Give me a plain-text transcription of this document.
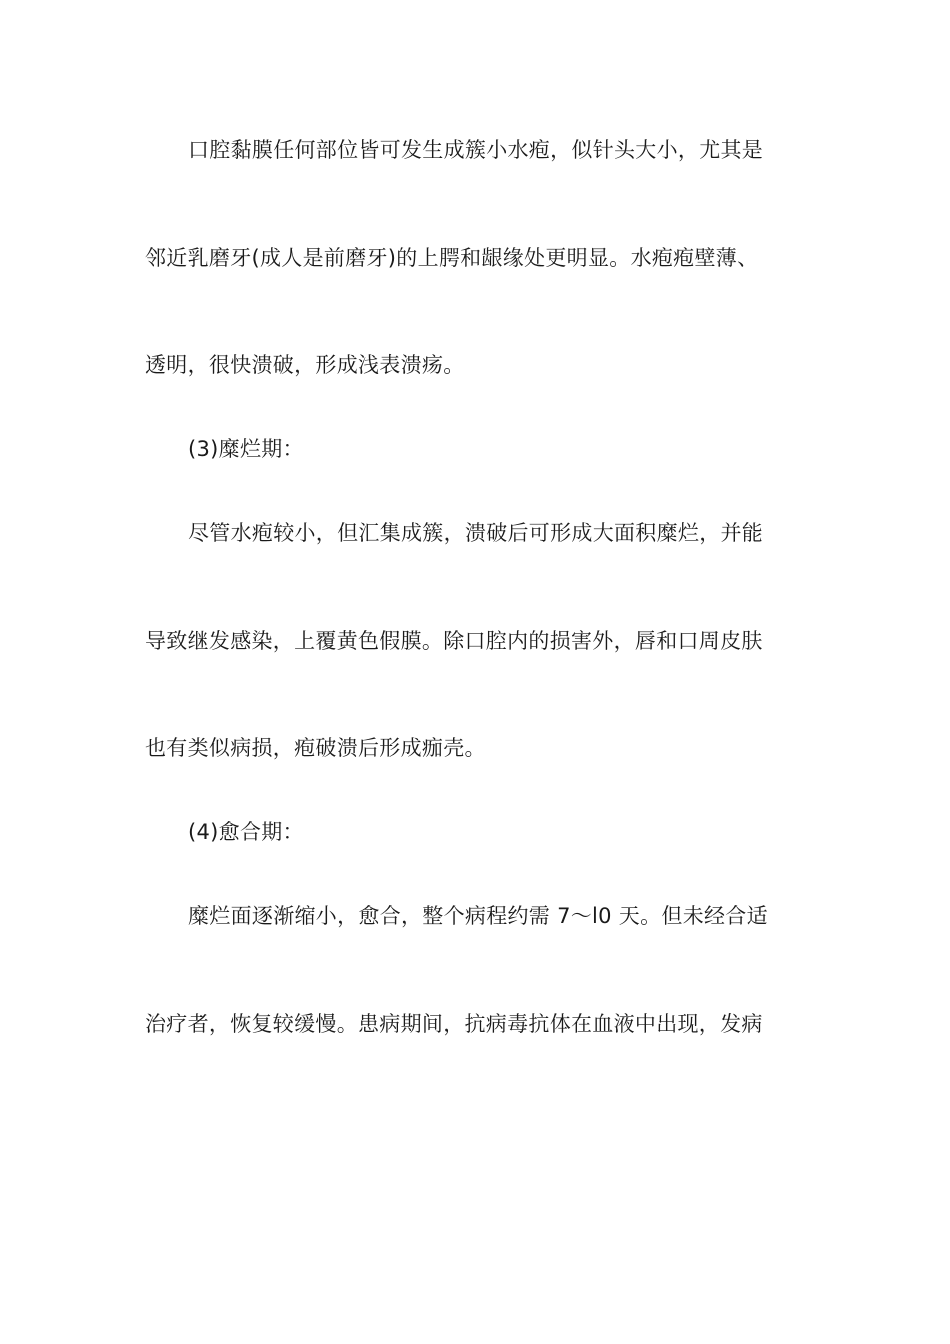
口腔黏膜任何部位皆可发生成簇小水疱，似针头大小，尤其是
邻近乳磨牙(成人是前磨牙)的上腭和龈缘处更明显。水疱疱壁薄、
透明，很快溃破，形成浅表溃疡。
(3)糜烂期：
尽管水疱较小，但汇集成簇，溃破后可形成大面积糜烂，并能
导致继发感染，上覆黄色假膜。除口腔内的损害外，唇和口周皮肤
也有类似病损，疱破溃后形成痂壳。
(4)愈合期：
糜烂面逐渐缩小，愈合，整个病程约需 7～l0 天。但未经合适
治疗者，恢复较缓慢。患病期间，抗病毒抗体在血液中出现，发病
